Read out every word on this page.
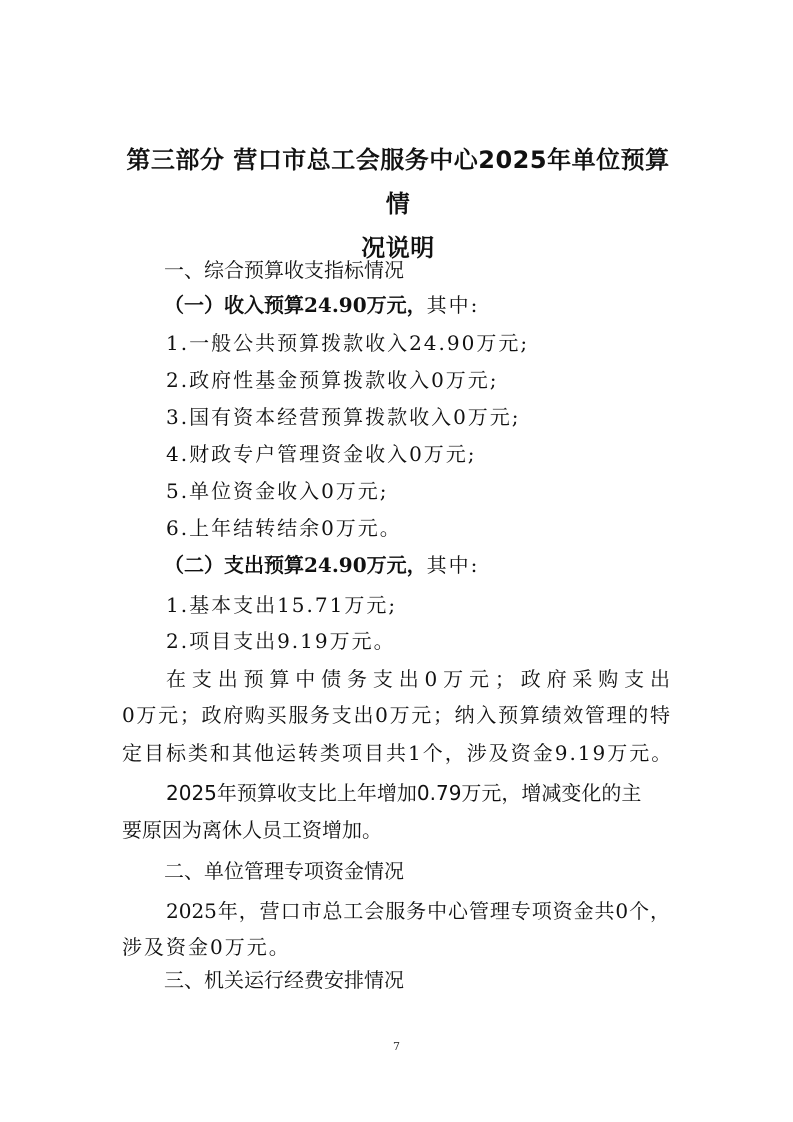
第三部分 营口市总工会服务中心2025年单位预算情
况说明
一、综合预算收支指标情况
（一）收入预算24.90万元，其中:
1.一般公共预算拨款收入24.90万元;
2.政府性基金预算拨款收入0万元;
3.国有资本经营预算拨款收入0万元;
4.财政专户管理资金收入0万元;
5.单位资金收入0万元;
6.上年结转结余0万元。
（二）支出预算24.90万元，其中:
1.基本支出15.71万元;
2.项目支出9.19万元。
在支出预算中债务支出0万元；政府采购支出
0万元；政府购买服务支出0万元；纳入预算绩效管理的特
定目标类和其他运转类项目共1个，涉及资金9.19万元。
2025年预算收支比上年增加0.79万元，增减变化的主
要原因为离休人员工资增加。
二、单位管理专项资金情况
2025年，营口市总工会服务中心管理专项资金共0个，
涉及资金0万元。
三、机关运行经费安排情况
7
